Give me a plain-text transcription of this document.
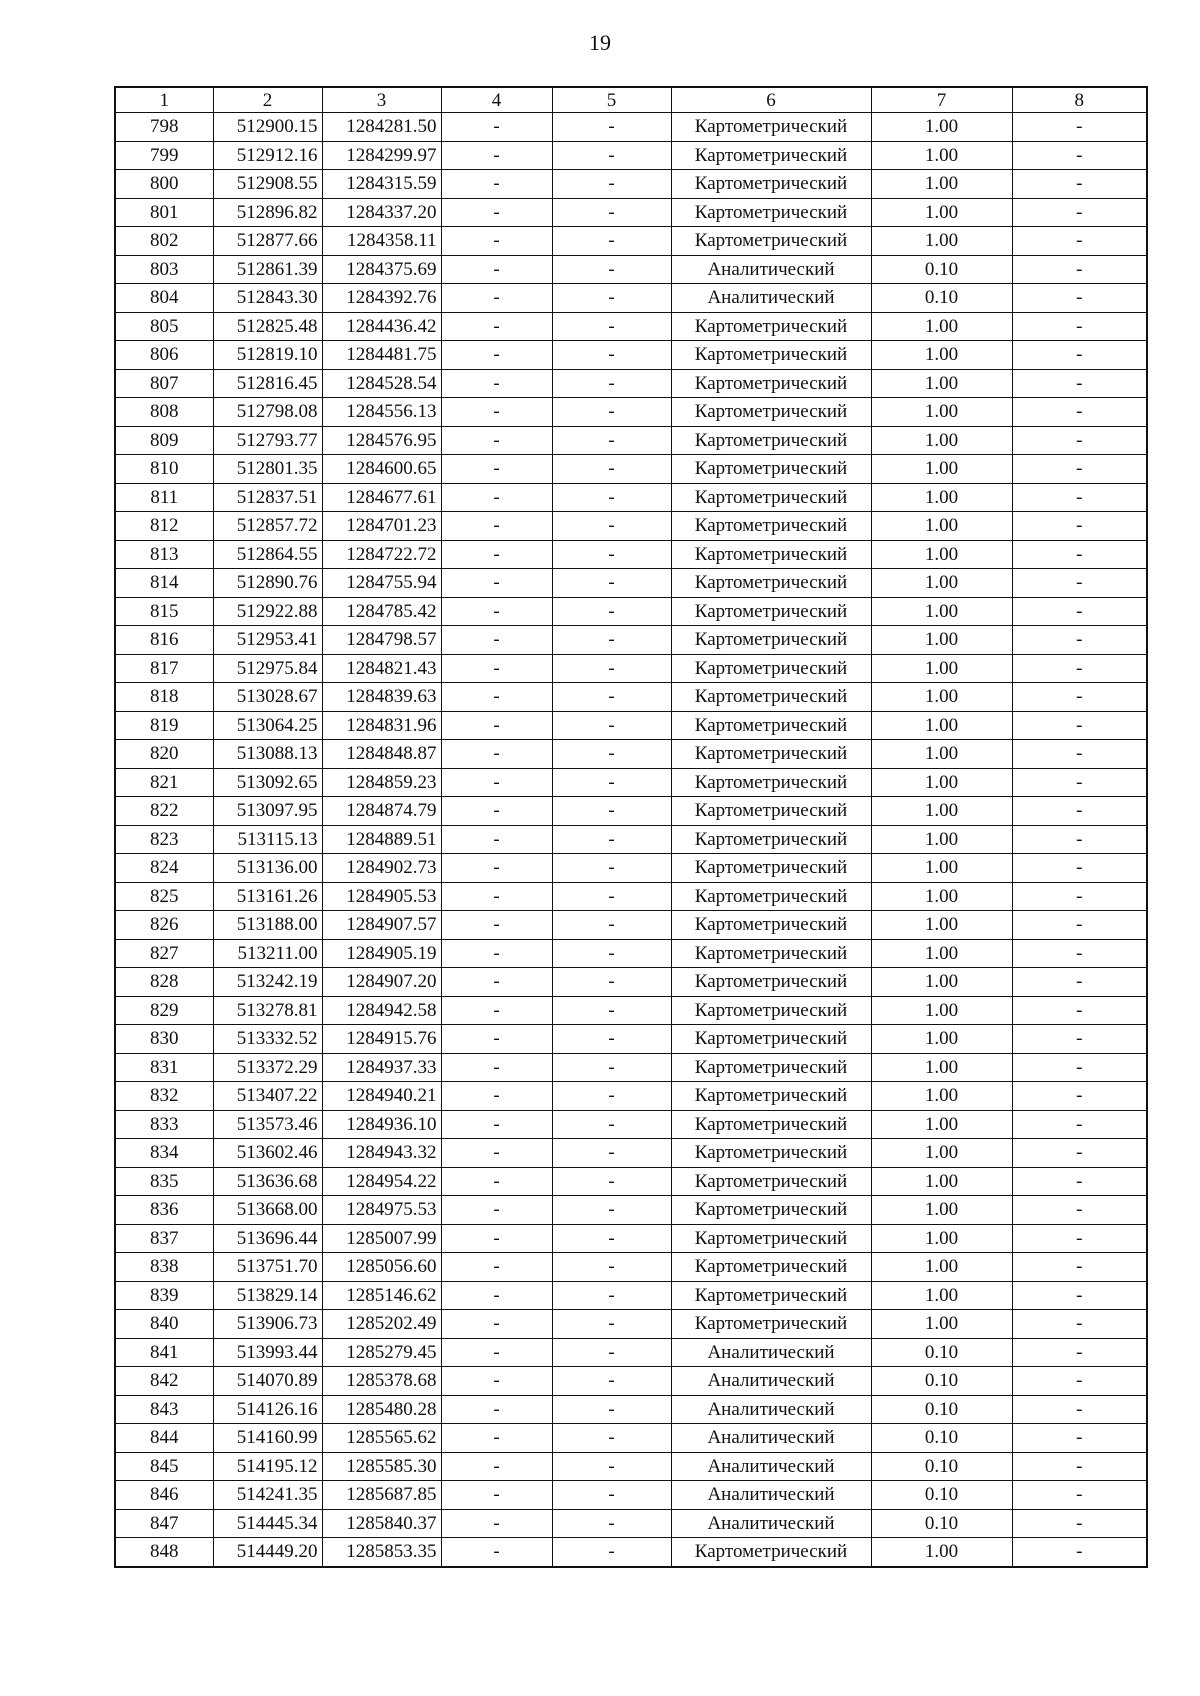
19
1	2	3	4	5	6	7	8
798	512900.15	1284281.50	-	-	Картометрический	1.00	-
799	512912.16	1284299.97	-	-	Картометрический	1.00	-
800	512908.55	1284315.59	-	-	Картометрический	1.00	-
801	512896.82	1284337.20	-	-	Картометрический	1.00	-
802	512877.66	1284358.11	-	-	Картометрический	1.00	-
803	512861.39	1284375.69	-	-	Аналитический	0.10	-
804	512843.30	1284392.76	-	-	Аналитический	0.10	-
805	512825.48	1284436.42	-	-	Картометрический	1.00	-
806	512819.10	1284481.75	-	-	Картометрический	1.00	-
807	512816.45	1284528.54	-	-	Картометрический	1.00	-
808	512798.08	1284556.13	-	-	Картометрический	1.00	-
809	512793.77	1284576.95	-	-	Картометрический	1.00	-
810	512801.35	1284600.65	-	-	Картометрический	1.00	-
811	512837.51	1284677.61	-	-	Картометрический	1.00	-
812	512857.72	1284701.23	-	-	Картометрический	1.00	-
813	512864.55	1284722.72	-	-	Картометрический	1.00	-
814	512890.76	1284755.94	-	-	Картометрический	1.00	-
815	512922.88	1284785.42	-	-	Картометрический	1.00	-
816	512953.41	1284798.57	-	-	Картометрический	1.00	-
817	512975.84	1284821.43	-	-	Картометрический	1.00	-
818	513028.67	1284839.63	-	-	Картометрический	1.00	-
819	513064.25	1284831.96	-	-	Картометрический	1.00	-
820	513088.13	1284848.87	-	-	Картометрический	1.00	-
821	513092.65	1284859.23	-	-	Картометрический	1.00	-
822	513097.95	1284874.79	-	-	Картометрический	1.00	-
823	513115.13	1284889.51	-	-	Картометрический	1.00	-
824	513136.00	1284902.73	-	-	Картометрический	1.00	-
825	513161.26	1284905.53	-	-	Картометрический	1.00	-
826	513188.00	1284907.57	-	-	Картометрический	1.00	-
827	513211.00	1284905.19	-	-	Картометрический	1.00	-
828	513242.19	1284907.20	-	-	Картометрический	1.00	-
829	513278.81	1284942.58	-	-	Картометрический	1.00	-
830	513332.52	1284915.76	-	-	Картометрический	1.00	-
831	513372.29	1284937.33	-	-	Картометрический	1.00	-
832	513407.22	1284940.21	-	-	Картометрический	1.00	-
833	513573.46	1284936.10	-	-	Картометрический	1.00	-
834	513602.46	1284943.32	-	-	Картометрический	1.00	-
835	513636.68	1284954.22	-	-	Картометрический	1.00	-
836	513668.00	1284975.53	-	-	Картометрический	1.00	-
837	513696.44	1285007.99	-	-	Картометрический	1.00	-
838	513751.70	1285056.60	-	-	Картометрический	1.00	-
839	513829.14	1285146.62	-	-	Картометрический	1.00	-
840	513906.73	1285202.49	-	-	Картометрический	1.00	-
841	513993.44	1285279.45	-	-	Аналитический	0.10	-
842	514070.89	1285378.68	-	-	Аналитический	0.10	-
843	514126.16	1285480.28	-	-	Аналитический	0.10	-
844	514160.99	1285565.62	-	-	Аналитический	0.10	-
845	514195.12	1285585.30	-	-	Аналитический	0.10	-
846	514241.35	1285687.85	-	-	Аналитический	0.10	-
847	514445.34	1285840.37	-	-	Аналитический	0.10	-
848	514449.20	1285853.35	-	-	Картометрический	1.00	-
